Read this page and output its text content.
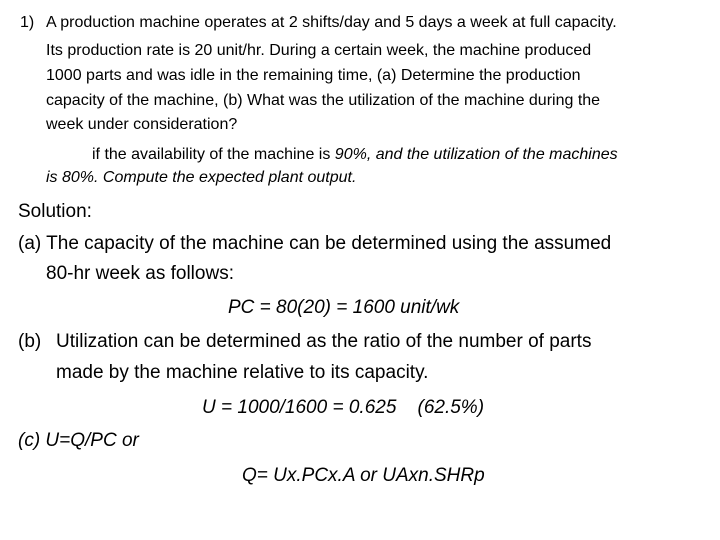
1) A production machine operates at 2 shifts/day and 5 days a week at full capacity.
Its production rate is 20 unit/hr. During a certain week, the machine produced
1000 parts and was idle in the remaining time, (a) Determine the production
capacity of the machine, (b) What was the utilization of the machine during the
week under consideration?
if the availability of the machine is 90%, and the utilization of the machines
is 80%. Compute the expected plant output.
Solution:
(a) The capacity of the machine can be determined using the assumed
80-hr week as follows:
PC = 80(20) = 1600 unit/wk
(b) Utilization can be determined as the ratio of the number of parts
made by the machine relative to its capacity.
U = 1000/1600 = 0.625    (62.5%)
(c) U=Q/PC or
Q= Ux.PCx.A or UAxn.SHRp
